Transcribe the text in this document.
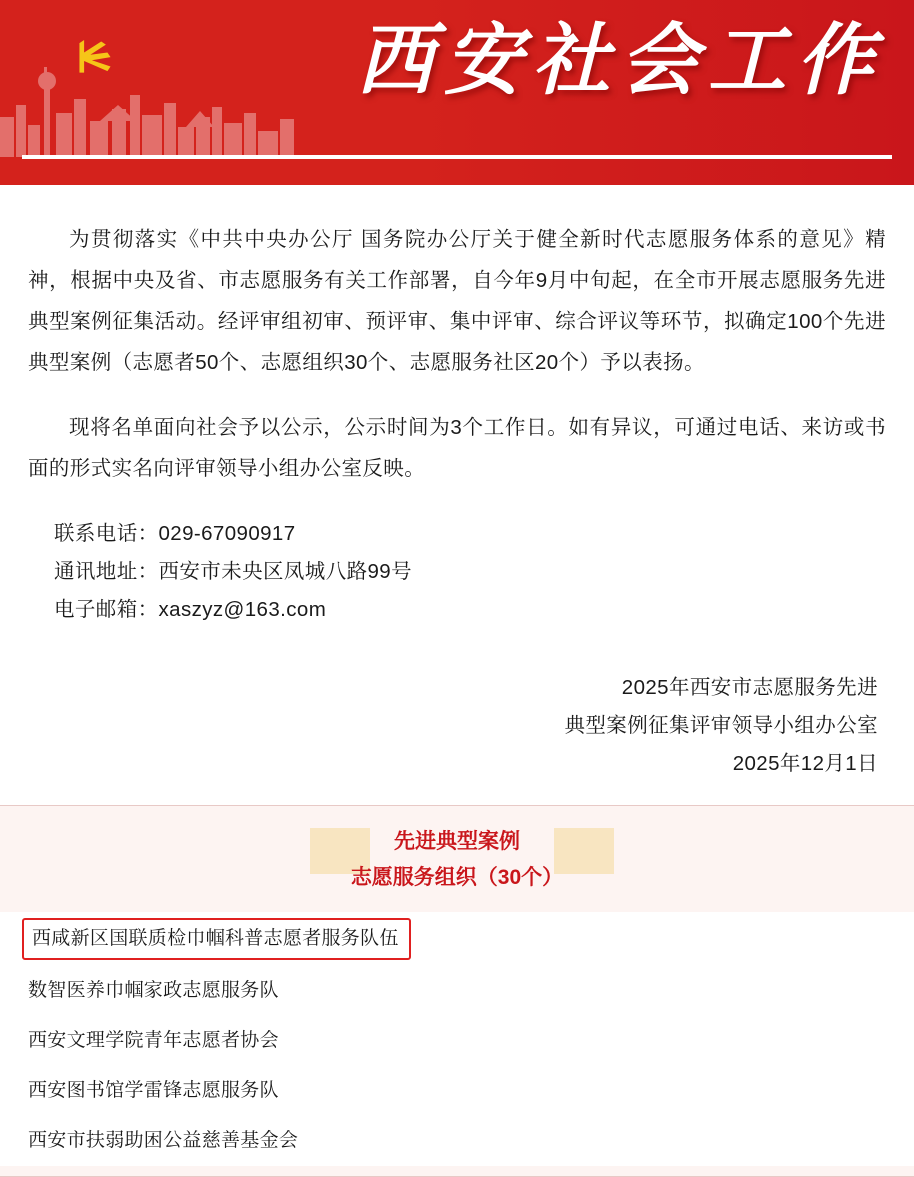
西安社会工作

为贯彻落实《中共中央办公厅 国务院办公厅关于健全新时代志愿服务体系的意见》精神，根据中央及省、市志愿服务有关工作部署，自今年9月中旬起，在全市开展志愿服务先进典型案例征集活动。经评审组初审、预评审、集中评审、综合评议等环节，拟确定100个先进典型案例（志愿者50个、志愿组织30个、志愿服务社区20个）予以表扬。

现将名单面向社会予以公示，公示时间为3个工作日。如有异议，可通过电话、来访或书面的形式实名向评审领导小组办公室反映。

联系电话：029-67090917
通讯地址：西安市未央区凤城八路99号
电子邮箱：xaszyz@163.com
2025年西安市志愿服务先进
典型案例征集评审领导小组办公室
2025年12月1日
先进典型案例
志愿服务组织（30个）
西咸新区国联质检巾帼科普志愿者服务队伍
数智医养巾帼家政志愿服务队
西安文理学院青年志愿者协会
西安图书馆学雷锋志愿服务队
西安市扶弱助困公益慈善基金会
